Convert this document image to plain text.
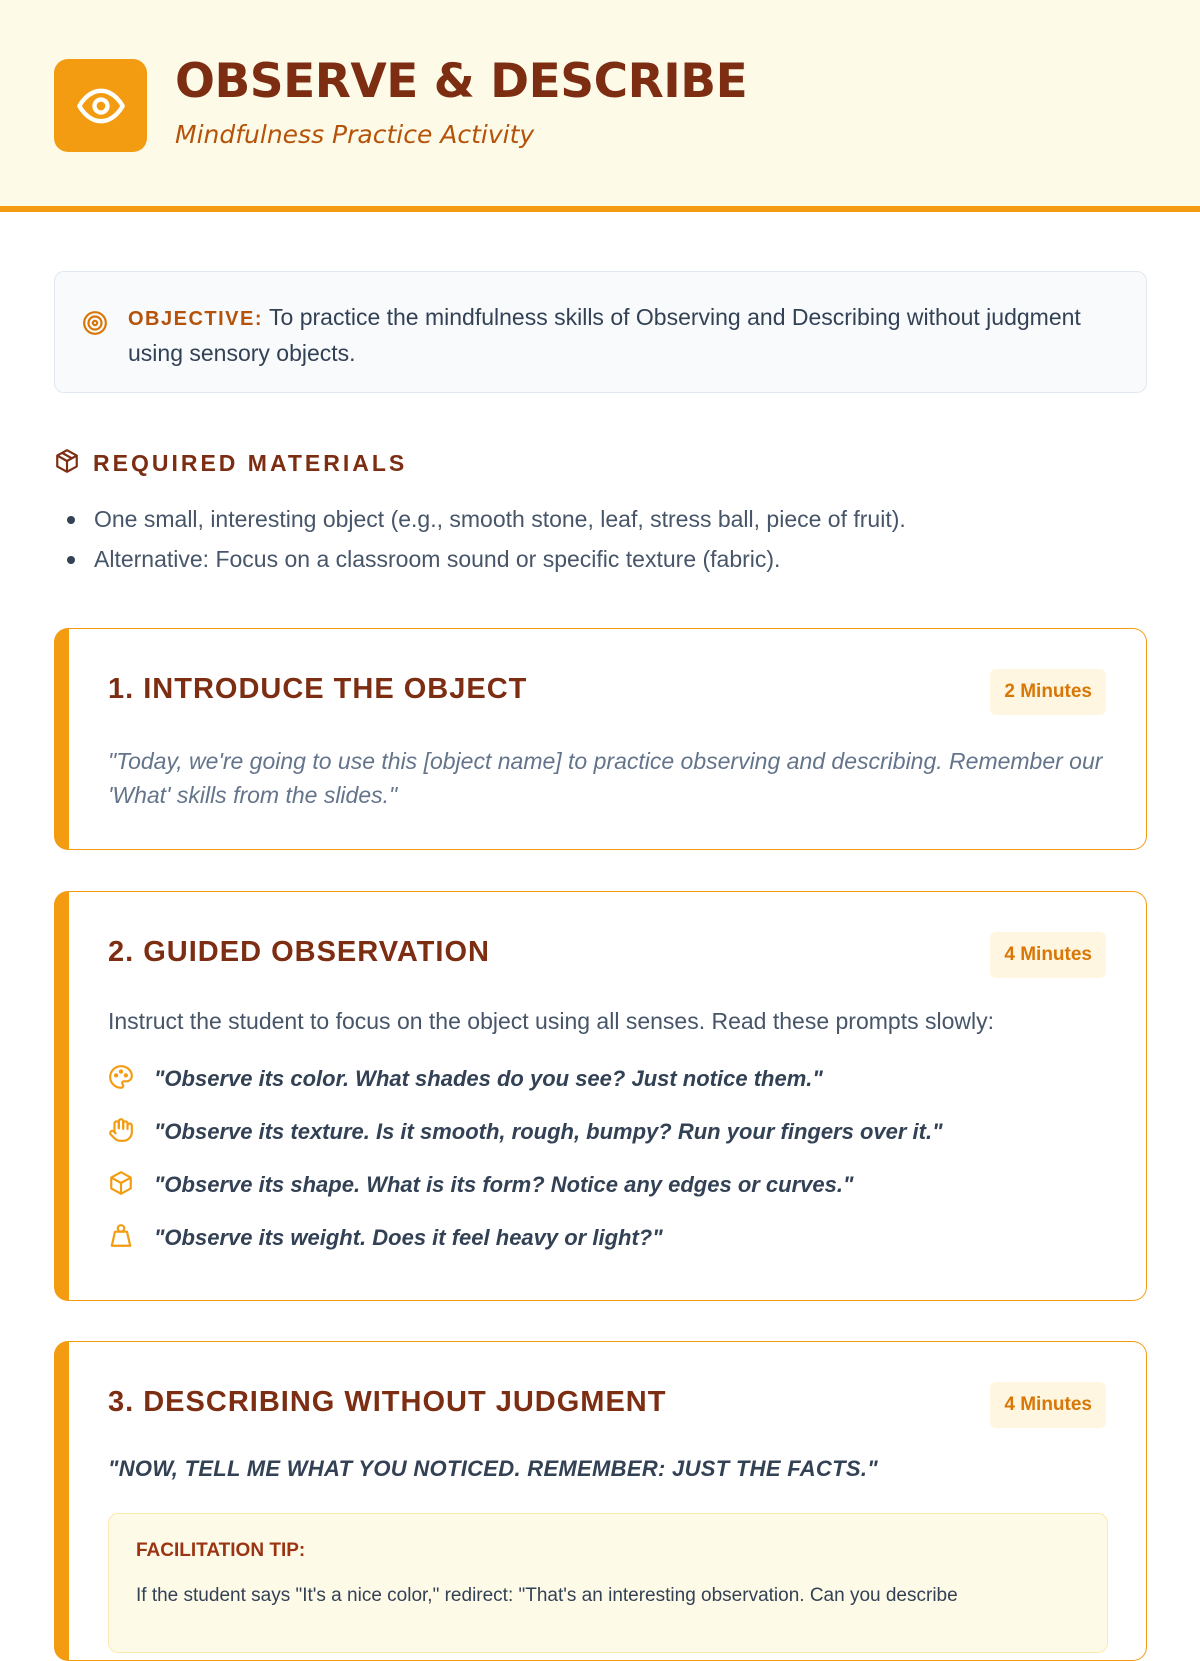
OBSERVE & DESCRIBE
Mindfulness Practice Activity
OBJECTIVE: To practice the mindfulness skills of Observing and Describing without judgment using sensory objects.
REQUIRED MATERIALS
One small, interesting object (e.g., smooth stone, leaf, stress ball, piece of fruit).
Alternative: Focus on a classroom sound or specific texture (fabric).
1. INTRODUCE THE OBJECT	2 Minutes
"Today, we're going to use this [object name] to practice observing and describing. Remember our 'What' skills from the slides."
2. GUIDED OBSERVATION	4 Minutes
Instruct the student to focus on the object using all senses. Read these prompts slowly:
"Observe its color. What shades do you see? Just notice them."
"Observe its texture. Is it smooth, rough, bumpy? Run your fingers over it."
"Observe its shape. What is its form? Notice any edges or curves."
"Observe its weight. Does it feel heavy or light?"
3. DESCRIBING WITHOUT JUDGMENT	4 Minutes
"NOW, TELL ME WHAT YOU NOTICED. REMEMBER: JUST THE FACTS."
FACILITATION TIP:
If the student says "It's a nice color," redirect: "That's an interesting observation. Can you describe
